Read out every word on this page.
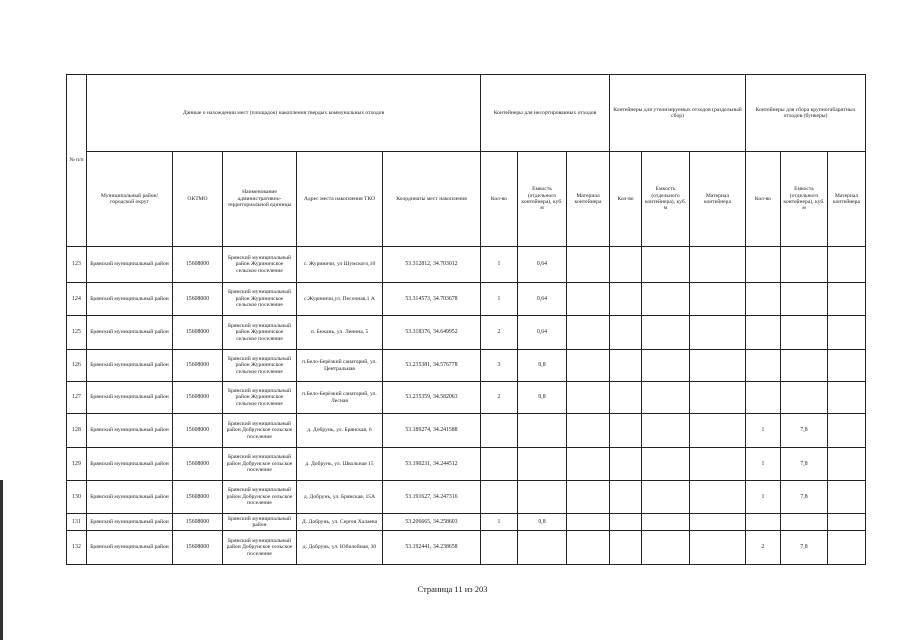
№ п/п	Данные о нахождении мест (площадок) накопления твердых коммунальных отходов					Контейнеры для несортированных отходов			Контейнеры для утилизируемых отходов (раздельный сбор)			Контейнеры для сбора крупногабаритных отходов (бункеры)		
	Муниципальный район/городской округ	ОКТМО	Наименование административно-территориальной единицы	Адрес места накопления ТКО	Координаты мест накопления	Кол-во	Емкость (отдельного контейнера), куб. м	Материал контейнера	Кол-во	Емкость (отдельного контейнера), куб. м	Материал контейнера	Кол-во	Емкость (отдельного контейнера), куб. м	Материал контейнера
123	Брянский муниципальный район	15608000	Брянский муниципальный район Журиничское сельское поселение	с. Журиничи, ул Шумского,10	53.312812, 34.703012	1	0,64							
124	Брянский муниципальный район	15608000	Брянский муниципальный район Журиничское сельское поселение	с.Журиничи,ул. Песочная,1 А	53.314573, 34.703678	1	0,64							
125	Брянский муниципальный район	15608000	Брянский муниципальный район Журиничское сельское поселение	п. Бежань, ул. Ленина, 5	53.318376, 34.649952	2	0,64							
126	Брянский муниципальный район	15608000	Брянский муниципальный район Журиничское сельское поселение	п.Бело-Берёзкий санаторий, ул. Центральная	53.235381, 34.576778	3	0,8							
127	Брянский муниципальный район	15608000	Брянский муниципальный район Журиничское сельское поселение	п.Бело-Берёзкий санаторий, ул. Лесная	53.235359, 34.582063	2	0,8							
128	Брянский муниципальный район	15608000	Брянский муниципальный район Добрунское сельское поселение	д. Добрунь, ул. Брянская, 6	53.189274, 34.241588							1	7,8	
129	Брянский муниципальный район	15608000	Брянский муниципальный район Добрунское сельское поселение	д. Добрунь, ул. Школьная 15	53.190231, 34.244512							1	7,8	
130	Брянский муниципальный район	15608000	Брянский муниципальный район Добрунское сельское поселение	д. Добрунь, ул. Брянская, 15А	53.191627, 34.247316							1	7,8	
131	Брянский муниципальный район	15608000	Брянский муниципальный район	Д. Добрунь, ул. Сергея Халаева	53.206665, 34.258603	1	0,8							
132	Брянский муниципальный район	15608000	Брянский муниципальный район Добрунское сельское поселение	д. Добрунь, ул. Юбилейная, 30	53.192441, 34.238658							2	7,8	
Страница 11 из 203
